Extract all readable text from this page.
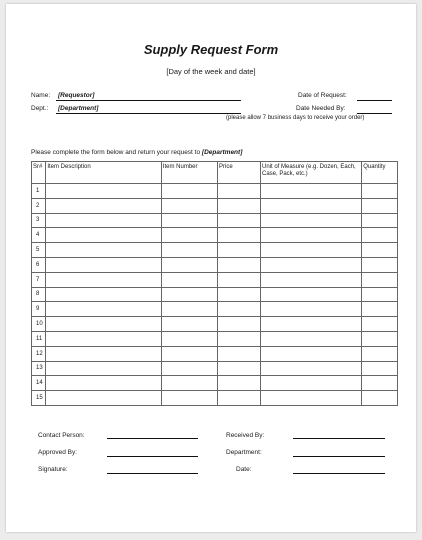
Supply Request Form
[Day of the week and date]
Name: [Requestor]	Date of Request:
Dept.: [Department]	Date Needed By:
(please allow 7 business days to receive your order)
Please complete the form below and return your request to [Department]
Sr#	Item Description	Item Number	Price	Unit of Measure (e.g. Dozen, Each, Case, Pack, etc.)	Quantity
1					
2					
3					
4					
5					
6					
7					
8					
9					
10					
11					
12					
13					
14					
15					
Contact Person:	Received By:
Approved By:	Department:
Signature:	Date:
